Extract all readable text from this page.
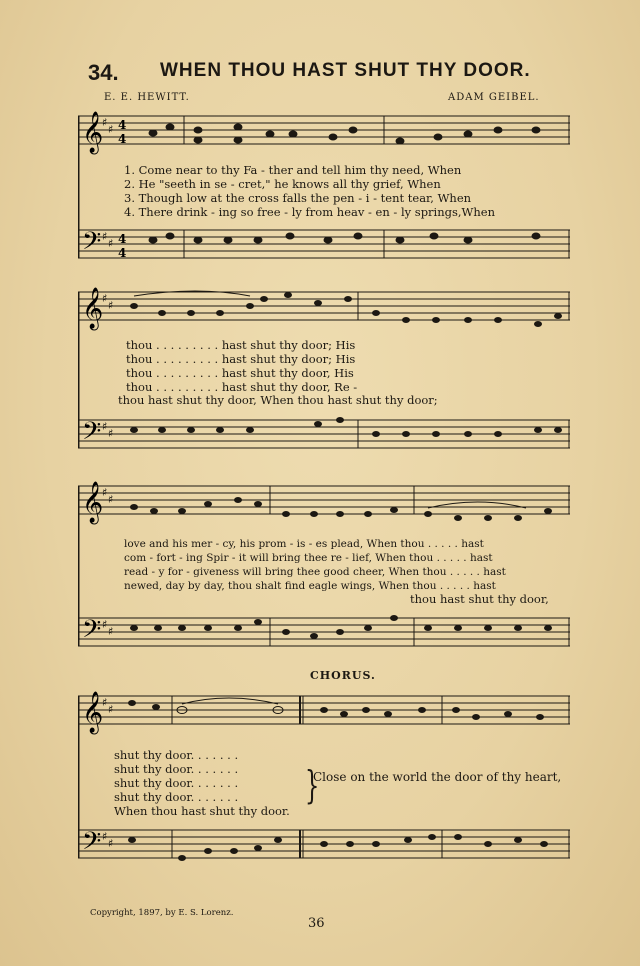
34. WHEN THOU HAST SHUT THY DOOR.
E. E. HEWITT.	ADAM GEIBEL.
𝄞
𝄢
♯
♯
♯
♯
4
4
4
4
1. Come near to thy Fa - ther and tell him thy need, When
2. He "seeth in se - cret," he knows all thy grief, When
3. Though low at the cross falls the pen - i - tent tear, When
4. There drink - ing so free - ly from heav - en - ly springs,When
𝄞
𝄢
♯
♯
♯
♯
thou . . . . . . . . . hast shut thy door; His
thou . . . . . . . . . hast shut thy door; His
thou . . . . . . . . . hast shut thy door, His
thou . . . . . . . . . hast shut thy door, Re -
thou hast shut thy door, When thou hast shut thy door;
𝄞
𝄢
♯
♯
♯
♯
love and his mer - cy, his prom - is - es plead, When thou . . . . . hast
com - fort - ing Spir - it will bring thee re - lief, When thou . . . . . hast
read - y for - giveness will bring thee good cheer, When thou . . . . . hast
newed, day by day, thou shalt find eagle wings, When thou . . . . . hast
thou hast shut thy door,
CHORUS.
𝄞
𝄢
♯
♯
♯
♯
shut thy door. . . . . . .
shut thy door. . . . . . .
shut thy door. . . . . . .
shut thy door. . . . . . .
When thou hast shut thy door.
}
Close on the world the door of thy heart,
Copyright, 1897, by E. S. Lorenz.
36
